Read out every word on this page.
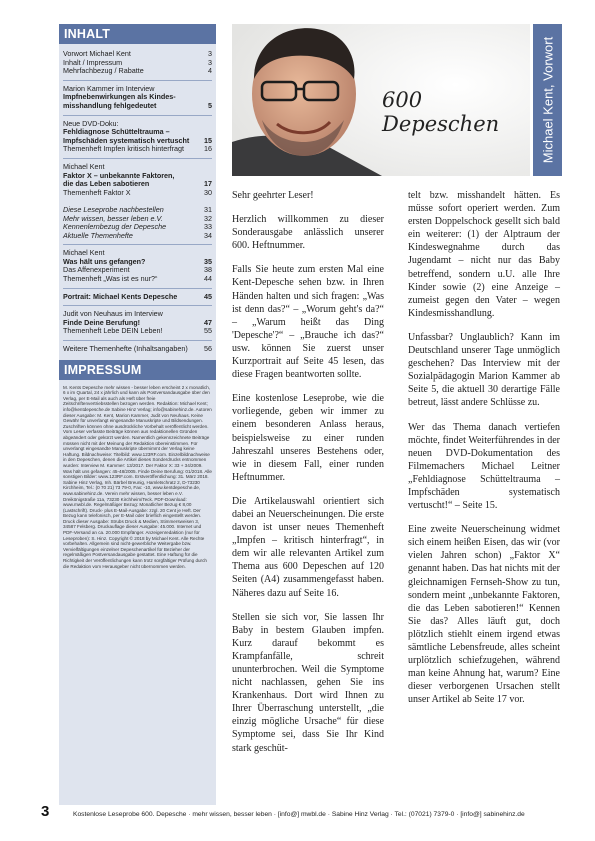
INHALT
Vorwort Michael Kent	3
Inhalt / Impressum	3
Mehrfachbezug / Rabatte	4
Marion Kammer im Interview
Impfnebenwirkungen als Kindes-
misshandlung fehlgedeutet	5
Neue DVD-Doku:
Fehldiagnose Schütteltrauma –
Impfschäden systematisch vertuscht	15
Themenheft Impfen kritisch hinterfragt	16
Michael Kent
Faktor X – unbekannte Faktoren,
die das Leben sabotieren	17
Themenheft Faktor X	30

Diese Leseprobe nachbestellen	31
Mehr wissen, besser leben e.V.	32
Kennenlernbezug der Depesche	33
Aktuelle Themenhefte	34
Michael Kent
Was hält uns gefangen?	35
Das Affenexperiment	38
Themenheft „Was ist es nur?“	44
Portrait: Michael Kents Depesche	45
Judit von Neuhaus im Interview
Finde Deine Berufung!	47
Themenheft Lebe DEIN Leben!	55
Weitere Themenhefte (Inhaltsangaben)	56
IMPRESSUM
M. Kents Depesche mehr wissen - besser leben erscheint 2 x monatlich, 6 x im Quartal, 24 x jährlich und kann als Postversandausgabe über den Verlag, per E-Mail als auch als Heft über freie Zeitschriftenvertriebsstellen bezogen werden. Redaktion: Michael Kent; info@kentdepesche.de Sabine Hinz Verlag; info@sabinehinz.de. Autoren dieser Ausgabe: M. Kent, Marion Kammer, Judit von Neuhaus. Keine Gewähr für unverlangt eingesandte Manuskripte und Bildsendungen. Zuschriften können ohne ausdrückliche Vorbehalt veröffentlicht werden. Vom Leser verfasste Beiträge können aus redaktionellen Gründen abgeändert oder gekürzt werden. Namentlich gekennzeichnete Beiträge müssen nicht mit der Meinung der Redaktion übereinstimmen. Für unverlangt eingesandte Manuskripte übernimmt der Verlag keine Haftung. Bildnachweise: Titelbild: www.123RF.com. Einzelbildnachweise in den Depeschen, denen die Artikel dieses Sonderdrucks entnommen wurden: Interview M. Kammer: 13/2017. Der Faktor X: 33 + 34/2009. Was hält uns gefangen: 45-48/2005. Finde Deine Berufung: 01/2018. Alle sonstigen Bilder: www.123RF.com. Erstveröffentlichung: 31. März 2018. Sabine Hinz Verlag, Inh. Bärbel Breunig, Hamletschratz 2, D-73230 Kirchheim, Tel.: (0 70 21) 73 79-0, Fax: -10, www.kentdepesche.de, www.sabinehinz.de. Verein mehr wissen, besser leben e.V. Dreikönigstraße 11a, 73230 Kirchheim/Teck. PDF-Download: www.mwbl.de. Regelmäßiger Bezug: Monatlicher Bezug € 8,00 (Lastschrift). Druck- plus E-Mail-Ausgabe: zzgl. 20 Cent je Heft. Der Bezug kann telefonisch, per E-Mail oder brieflich eingestellt werden. Druck dieser Ausgabe: Strubs Druck & Medien, Stimmersweisen 3, 34587 Felsberg. Druckauflage dieser Ausgabe: 45.000. Internet und PDF-Versand an ca. 20.000 Empfänger. Anzeigenredaktion (nur für Leseproben): S. Hinz. Copyright © 2018 by Michael Kent. Alle Rechte vorbehalten. Allgemein sind nicht-gewerbliche Weitergabe bzw. Vervielfältigungen einzelner Depeschenartikel für Bezieher der regelmäßigen Postversandausgabe gestattet. Eine Haftung für die Richtigkeit der Veröffentlichungen kann trotz sorgfältiger Prüfung durch die Redaktion vom Herausgeber nicht übernommen werden.
600 Depeschen	Michael Kent, Vorwort

Sehr geehrter Leser!

Herzlich willkommen zu dieser Sonderausgabe anlässlich unserer 600. Heftnummer.

Falls Sie heute zum ersten Mal eine Kent-Depesche sehen bzw. in Ihren Händen halten und sich fragen: „Was ist denn das?“ – „Worum geht's da?“ – „Warum heißt das Ding 'Depesche'?“ – „Brauche ich das?“ usw. können Sie zuerst unser Kurzportrait auf Seite 45 lesen, das diese Fragen beantworten sollte.

Eine kostenlose Leseprobe, wie die vorliegende, geben wir immer zu einem besonderen Anlass heraus, beispielsweise zu einer runden Jahreszahl unseres Bestehens oder, wie in diesem Fall, einer runden Heftnummer.

Die Artikelauswahl orientiert sich dabei an Neuerscheinungen. Die erste davon ist unser neues Themenheft „Impfen – kritisch hinterfragt“, in dem wir alle relevanten Artikel zum Thema aus 600 Depeschen auf 120 Seiten (A4) zusammengefasst haben. Näheres dazu auf Seite 16.

Stellen sie sich vor, Sie lassen Ihr Baby in bestem Glauben impfen. Kurz darauf bekommt es Krampfanfälle, schreit ununterbrochen. Weil die Symptome nicht nachlassen, gehen Sie ins Krankenhaus. Dort wird Ihnen zu Ihrer Überraschung unterstellt, „die einzig mögliche Ursache“ für diese Symptome sei, dass Sie Ihr Kind stark geschüt-

telt bzw. misshandelt hätten. Es müsse sofort operiert werden. Zum ersten Doppelschock gesellt sich bald ein weiterer: (1) der Alptraum der Kindeswegnahme durch das Jugendamt – nicht nur das Baby betreffend, sondern u.U. alle Ihre Kinder sowie (2) eine Anzeige – zumeist gegen den Vater – wegen Kindesmisshandlung.

Unfassbar? Unglaublich? Kann im Deutschland unserer Tage unmöglich geschehen? Das Interview mit der Sozialpädagogin Marion Kammer ab Seite 5, die aktuell 30 derartige Fälle betreut, lässt andere Schlüsse zu.

Wer das Thema danach vertiefen möchte, findet Weiterführendes in der neuen DVD-Dokumentation des Filmemachers Michael Leitner „Fehldiagnose Schütteltrauma – Impfschäden systematisch vertuscht!“ – Seite 15.

Eine zweite Neuerscheinung widmet sich einem heißen Eisen, das wir (vor vielen Jahren schon) „Faktor X“ genannt haben. Das hat nichts mit der gleichnamigen Fernseh-Show zu tun, sondern meint „unbekannte Faktoren, die das Leben sabotieren!“ Kennen Sie das? Alles läuft gut, doch plötzlich stiehlt einem irgend etwas sämtliche Lebensfreude, alles scheint urplötzlich schiefzugehen, während man keine Ahnung hat, warum? Eine dieser verborgenen Ursachen stellt unser Artikel ab Seite 17 vor.

3	Kostenlose Leseprobe 600. Depesche · mehr wissen, besser leben · [info@] mwbl.de · Sabine Hinz Verlag · Tel.: (07021) 7379-0 · [info@] sabinehinz.de
